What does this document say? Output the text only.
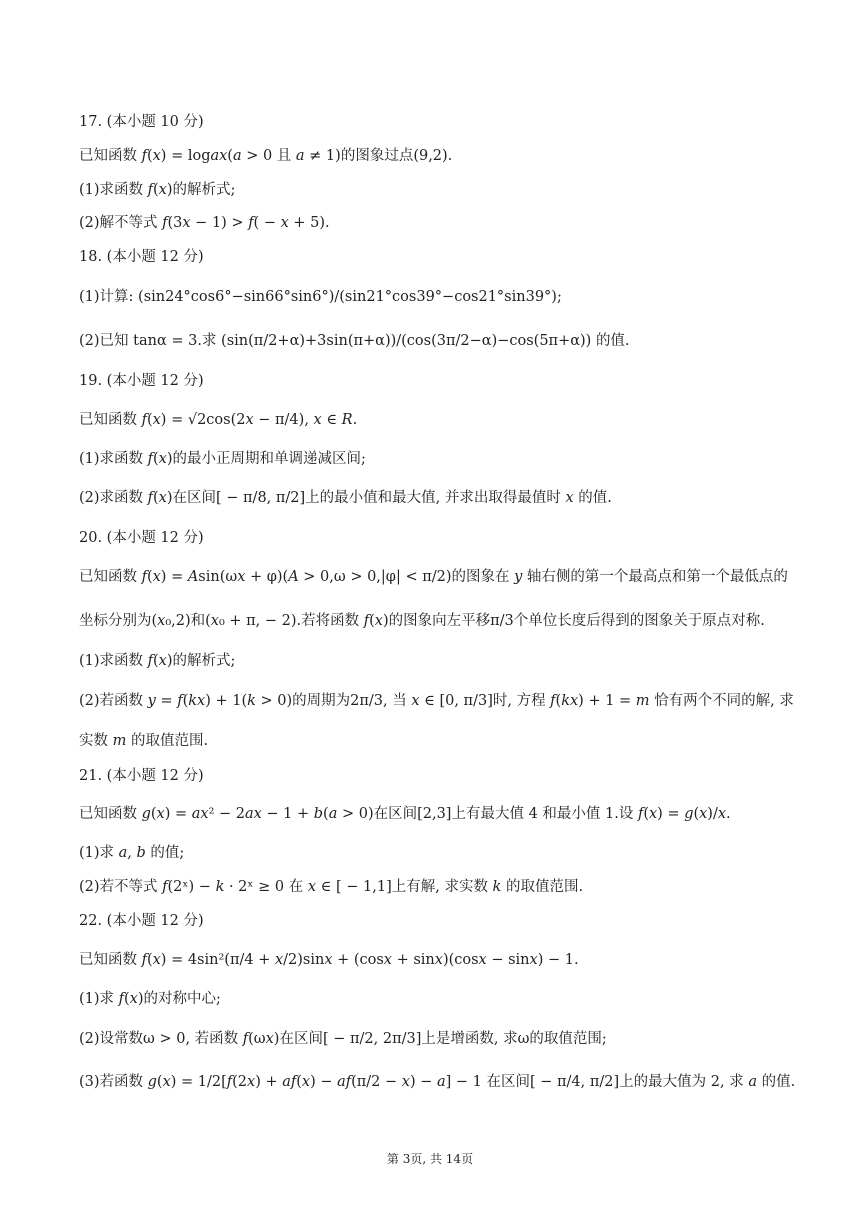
17. (本小题 10 分)
已知函数 𝑓(𝑥) = log𝑎𝑥(𝑎 > 0 且 𝑎 ≠ 1)的图象过点(9,2).
(1)求函数 𝑓(𝑥)的解析式;
(2)解不等式 𝑓(3𝑥 − 1) > 𝑓( − 𝑥 + 5).
18. (本小题 12 分)
(1)计算: (sin24°cos6°−sin66°sin6°)/(sin21°cos39°−cos21°sin39°);
(2)已知 tanα = 3.求 (sin(π/2+α)+3sin(π+α))/(cos(3π/2−α)−cos(5π+α)) 的值.
19. (本小题 12 分)
已知函数 𝑓(𝑥) = √2cos(2𝑥 − π/4), 𝑥 ∈ 𝑅.
(1)求函数 𝑓(𝑥)的最小正周期和单调递减区间;
(2)求函数 𝑓(𝑥)在区间[ − π/8, π/2]上的最小值和最大值, 并求出取得最值时 𝑥 的值.
20. (本小题 12 分)
已知函数 𝑓(𝑥) = 𝐴sin(ω𝑥 + φ)(𝐴 > 0,ω > 0,|φ| < π/2)的图象在 𝑦 轴右侧的第一个最高点和第一个最低点的
坐标分别为(𝑥₀,2)和(𝑥₀ + π, − 2).若将函数 𝑓(𝑥)的图象向左平移π/3个单位长度后得到的图象关于原点对称.
(1)求函数 𝑓(𝑥)的解析式;
(2)若函数 𝑦 = 𝑓(𝑘𝑥) + 1(𝑘 > 0)的周期为2π/3, 当 𝑥 ∈ [0, π/3]时, 方程 𝑓(𝑘𝑥) + 1 = 𝑚 恰有两个不同的解, 求
实数 𝑚 的取值范围.
21. (本小题 12 分)
已知函数 𝑔(𝑥) = 𝑎𝑥² − 2𝑎𝑥 − 1 + 𝑏(𝑎 > 0)在区间[2,3]上有最大值 4 和最小值 1.设 𝑓(𝑥) = 𝑔(𝑥)/𝑥.
(1)求 𝑎, 𝑏 的值;
(2)若不等式 𝑓(2ˣ) − 𝑘 · 2ˣ ≥ 0 在 𝑥 ∈ [ − 1,1]上有解, 求实数 𝑘 的取值范围.
22. (本小题 12 分)
已知函数 𝑓(𝑥) = 4sin²(π/4 + 𝑥/2)sin𝑥 + (cos𝑥 + sin𝑥)(cos𝑥 − sin𝑥) − 1.
(1)求 𝑓(𝑥)的对称中心;
(2)设常数ω > 0, 若函数 𝑓(ω𝑥)在区间[ − π/2, 2π/3]上是增函数, 求ω的取值范围;
(3)若函数 𝑔(𝑥) = 1/2[𝑓(2𝑥) + 𝑎𝑓(𝑥) − 𝑎𝑓(π/2 − 𝑥) − 𝑎] − 1 在区间[ − π/4, π/2]上的最大值为 2, 求 𝑎 的值.
第 3页, 共 14页
